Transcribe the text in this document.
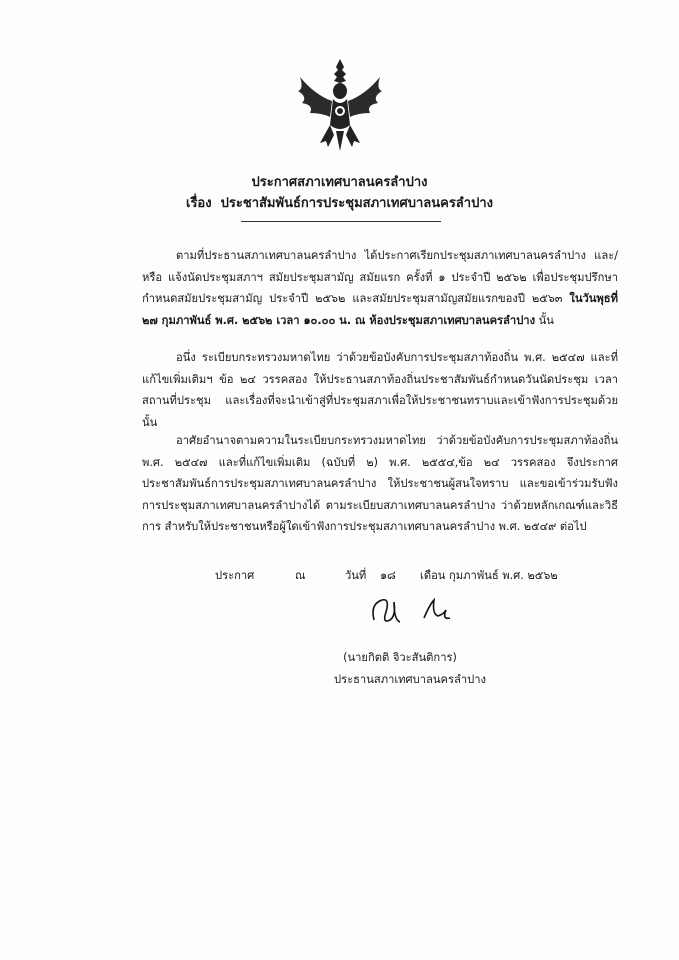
ประกาศสภาเทศบาลนครลำปาง
เรื่อง ประชาสัมพันธ์การประชุมสภาเทศบาลนครลำปาง
ตามที่ประธานสภาเทศบาลนครลำปาง ได้ประกาศเรียกประชุมสภาเทศบาลนครลำปาง และ/หรือ แจ้งนัดประชุมสภาฯ สมัยประชุมสามัญ สมัยแรก ครั้งที่ ๑ ประจำปี ๒๕๖๒ เพื่อประชุมปรึกษากำหนดสมัยประชุมสามัญ ประจำปี ๒๕๖๒ และสมัยประชุมสามัญสมัยแรกของปี ๒๕๖๓ ในวันพุธที่ ๒๗ กุมภาพันธ์ พ.ศ. ๒๕๖๒ เวลา ๑๐.๐๐ น. ณ ห้องประชุมสภาเทศบาลนครลำปาง นั้น
อนึ่ง ระเบียบกระทรวงมหาดไทย ว่าด้วยข้อบังคับการประชุมสภาท้องถิ่น พ.ศ. ๒๕๔๗ และที่แก้ไขเพิ่มเติมฯ ข้อ ๒๔ วรรคสอง ให้ประธานสภาท้องถิ่นประชาสัมพันธ์กำหนดวันนัดประชุม เวลา สถานที่ประชุม และเรื่องที่จะนำเข้าสู่ที่ประชุมสภาเพื่อให้ประชาชนทราบและเข้าฟังการประชุมด้วยนั้น
อาศัยอำนาจตามความในระเบียบกระทรวงมหาดไทย ว่าด้วยข้อบังคับการประชุมสภาท้องถิ่น พ.ศ. ๒๕๔๗ และที่แก้ไขเพิ่มเติม (ฉบับที่ ๒) พ.ศ. ๒๕๕๔,ข้อ ๒๔ วรรคสอง จึงประกาศประชาสัมพันธ์การประชุมสภาเทศบาลนครลำปาง ให้ประชาชนผู้สนใจทราบ และขอเข้าร่วมรับฟังการประชุมสภาเทศบาลนครลำปางได้ ตามระเบียบสภาเทศบาลนครลำปาง ว่าด้วยหลักเกณฑ์และวิธีการ สำหรับให้ประชาชนหรือผู้ใดเข้าฟังการประชุมสภาเทศบาลนครลำปาง พ.ศ. ๒๕๔๙ ต่อไป
ประกาศ	ณ	วันที่ ๑๘ เดือน กุมภาพันธ์ พ.ศ. ๒๕๖๒
(นายกิตติ จิวะสันติการ)
ประธานสภาเทศบาลนครลำปาง
